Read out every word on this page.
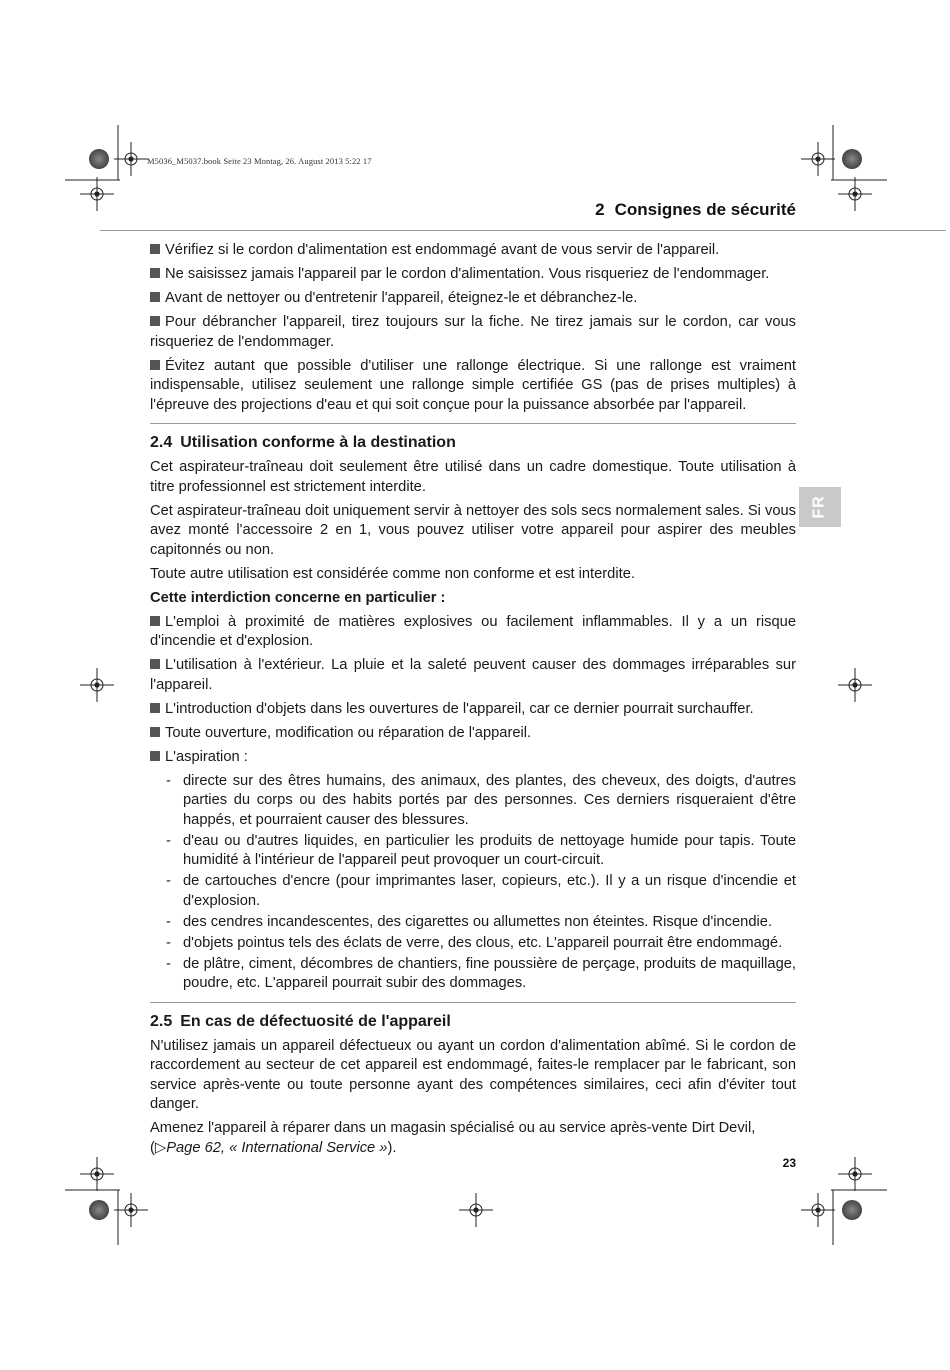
M5036_M5037.book Seite 23 Montag, 26. August 2013 5:22 17
2 Consignes de sécurité
FR

Vérifiez si le cordon d'alimentation est endommagé avant de vous servir de l'appareil.

Ne saisissez jamais l'appareil par le cordon d'alimentation. Vous risqueriez de l'endommager.

Avant de nettoyer ou d'entretenir l'appareil, éteignez-le et débranchez-le.

Pour débrancher l'appareil, tirez toujours sur la fiche. Ne tirez jamais sur le cordon, car vous risqueriez de l'endommager.

Évitez autant que possible d'utiliser une rallonge électrique. Si une rallonge est vraiment indispensable, utilisez seulement une rallonge simple certifiée GS (pas de prises multiples) à l'épreuve des projections d'eau et qui soit conçue pour la puissance absorbée par l'appareil.

2.4 Utilisation conforme à la destination

Cet aspirateur-traîneau doit seulement être utilisé dans un cadre domestique. Toute utilisation à titre professionnel est strictement interdite.

Cet aspirateur-traîneau doit uniquement servir à nettoyer des sols secs normalement sales. Si vous avez monté l'accessoire 2 en 1, vous pouvez utiliser votre appareil pour aspirer des meubles capitonnés ou non.

Toute autre utilisation est considérée comme non conforme et est interdite.

Cette interdiction concerne en particulier :

L'emploi à proximité de matières explosives ou facilement inflammables. Il y a un risque d'incendie et d'explosion.

L'utilisation à l'extérieur. La pluie et la saleté peuvent causer des dommages irréparables sur l'appareil.

L'introduction d'objets dans les ouvertures de l'appareil, car ce dernier pourrait surchauffer.

Toute ouverture, modification ou réparation de l'appareil.

L'aspiration :

- directe sur des êtres humains, des animaux, des plantes, des cheveux, des doigts, d'autres parties du corps ou des habits portés par des personnes. Ces derniers risqueraient d'être happés, et pourraient causer des blessures.
- d'eau ou d'autres liquides, en particulier les produits de nettoyage humide pour tapis. Toute humidité à l'intérieur de l'appareil peut provoquer un court-circuit.
- de cartouches d'encre (pour imprimantes laser, copieurs, etc.). Il y a un risque d'incendie et d'explosion.
- des cendres incandescentes, des cigarettes ou allumettes non éteintes. Risque d'incendie.
- d'objets pointus tels des éclats de verre, des clous, etc. L'appareil pourrait être endommagé.
- de plâtre, ciment, décombres de chantiers, fine poussière de perçage, produits de maquillage, poudre, etc. L'appareil pourrait subir des dommages.
2.5 En cas de défectuosité de l'appareil

N'utilisez jamais un appareil défectueux ou ayant un cordon d'alimentation abîmé. Si le cordon de raccordement au secteur de cet appareil est endommagé, faites-le remplacer par le fabricant, son service après-vente ou toute personne ayant des compétences similaires, ceci afin d'éviter tout danger.

Amenez l'appareil à réparer dans un magasin spécialisé ou au service après-vente Dirt Devil,
(▷Page 62, « International Service »).

23
